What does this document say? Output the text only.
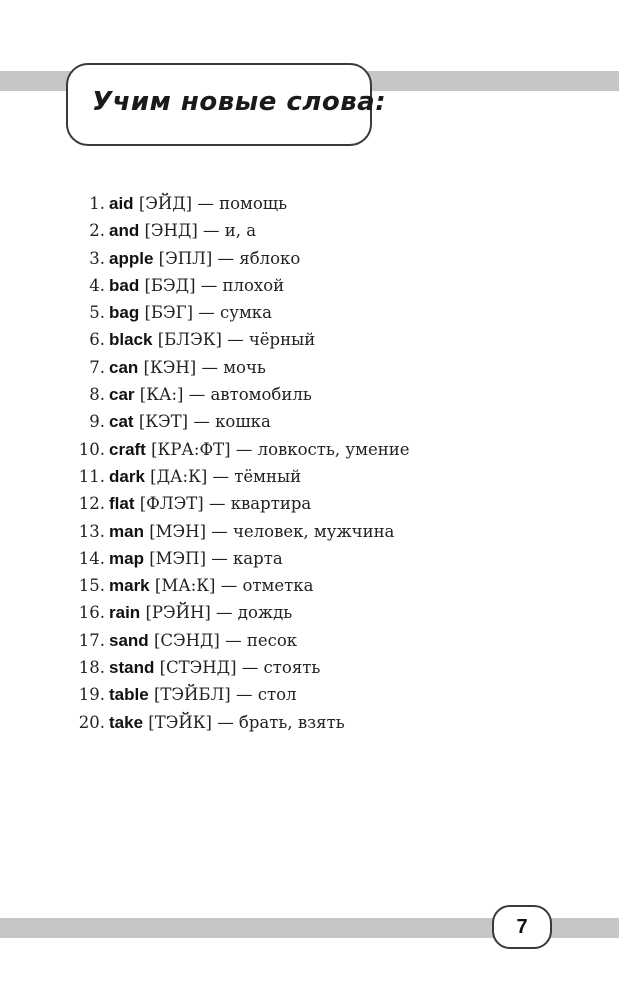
Учим новые слова:
1. aid [ЭЙД] — помощь
2. and [ЭНД] — и, а
3. apple [ЭПЛ] — яблоко
4. bad [БЭД] — плохой
5. bag [БЭГ] — сумка
6. black [БЛЭК] — чёрный
7. can [КЭН] — мочь
8. car [КА:] — автомобиль
9. cat [КЭТ] — кошка
10. craft [КРА:ФТ] — ловкость, умение
11. dark [ДА:К] — тёмный
12. flat [ФЛЭТ] — квартира
13. man [МЭН] — человек, мужчина
14. map [МЭП] — карта
15. mark [МА:К] — отметка
16. rain [РЭЙН] — дождь
17. sand [СЭНД] — песок
18. stand [СТЭНД] — стоять
19. table [ТЭЙБЛ] — стол
20. take [ТЭЙК] — брать, взять
7
